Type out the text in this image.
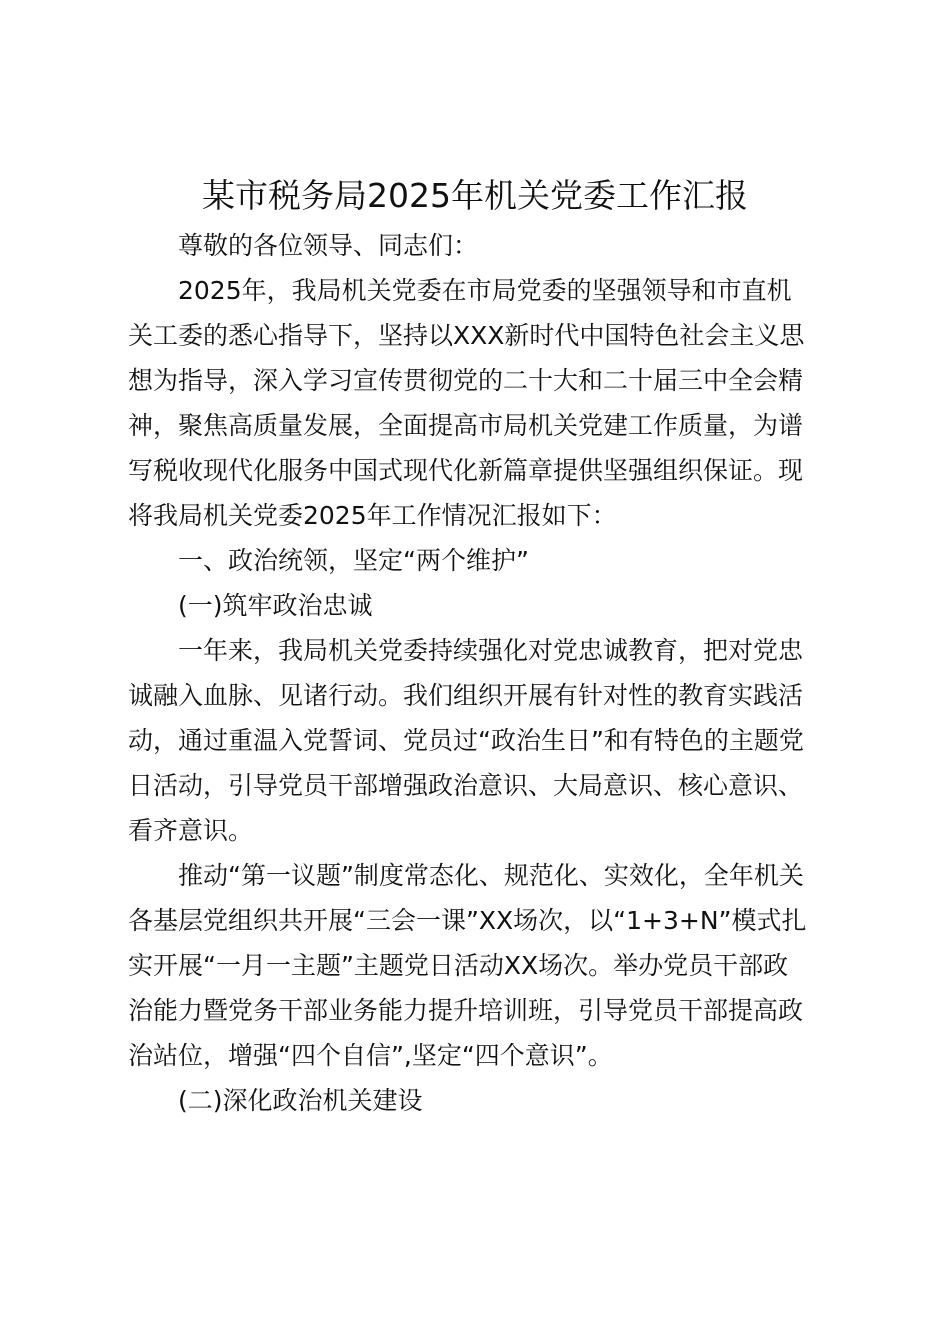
某市税务局2025年机关党委工作汇报
尊敬的各位领导、同志们：
2025年，我局机关党委在市局党委的坚强领导和市直机
关工委的悉心指导下，坚持以XXX新时代中国特色社会主义思
想为指导，深入学习宣传贯彻党的二十大和二十届三中全会精
神，聚焦高质量发展，全面提高市局机关党建工作质量，为谱
写税收现代化服务中国式现代化新篇章提供坚强组织保证。现
将我局机关党委2025年工作情况汇报如下：
一、政治统领，坚定“两个维护”
(一)筑牢政治忠诚
一年来，我局机关党委持续强化对党忠诚教育，把对党忠
诚融入血脉、见诸行动。我们组织开展有针对性的教育实践活
动，通过重温入党誓词、党员过“政治生日”和有特色的主题党
日活动，引导党员干部增强政治意识、大局意识、核心意识、
看齐意识。
推动“第一议题”制度常态化、规范化、实效化，全年机关
各基层党组织共开展“三会一课”XX场次，以“1+3+N”模式扎
实开展“一月一主题”主题党日活动XX场次。举办党员干部政
治能力暨党务干部业务能力提升培训班，引导党员干部提高政
治站位，增强“四个自信”,坚定“四个意识”。
(二)深化政治机关建设
